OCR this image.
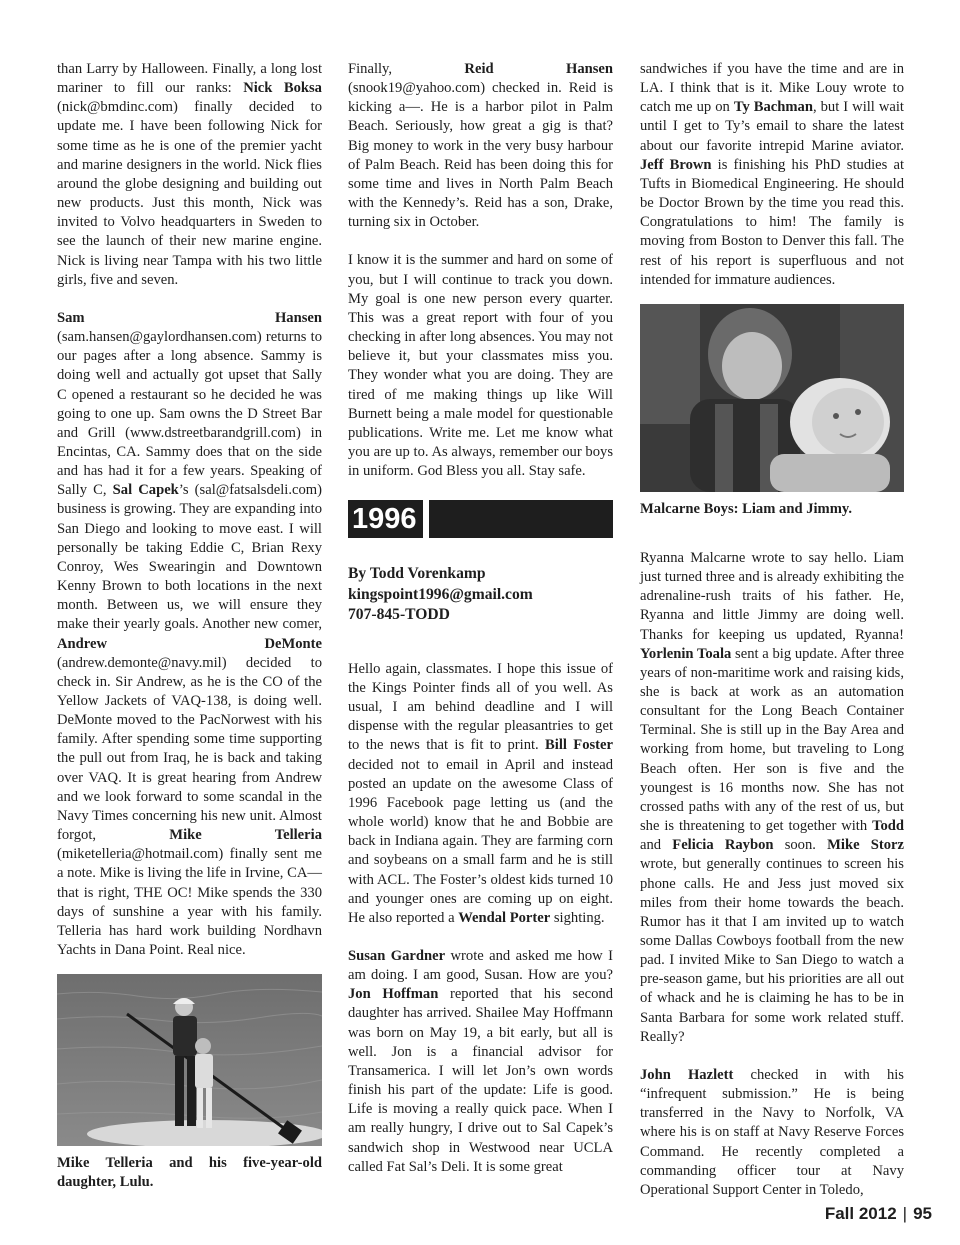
than Larry by Halloween. Finally, a long lost mariner to fill our ranks: Nick Boksa (nick@bmdinc.com) finally decided to update me. I have been following Nick for some time as he is one of the premier yacht and marine designers in the world. Nick flies around the globe designing and building out new products. Just this month, Nick was invited to Volvo headquarters in Sweden to see the launch of their new marine engine. Nick is living near Tampa with his two little girls, five and seven.

Sam Hansen (sam.hansen@gaylordhansen.com) returns to our pages after a long absence. Sammy is doing well and actually got upset that Sally C opened a restaurant so he decided he was going to one up. Sam owns the D Street Bar and Grill (www.dstreetbarandgrill.com) in Encintas, CA. Sammy does that on the side and has had it for a few years. Speaking of Sally C, Sal Capek’s (sal@fatsalsdeli.com) business is growing. They are expanding into San Diego and looking to move east. I will personally be taking Eddie C, Brian Rexy Conroy, Wes Swearingin and Downtown Kenny Brown to both locations in the next month. Between us, we will ensure they make their yearly goals. Another new comer, Andrew DeMonte (andrew.demonte@navy.mil) decided to check in. Sir Andrew, as he is the CO of the Yellow Jackets of VAQ-138, is doing well. DeMonte moved to the PacNorwest with his family. After spending some time supporting the pull out from Iraq, he is back and taking over VAQ. It is great hearing from Andrew and we look forward to some scandal in the Navy Times concerning his new unit. Almost forgot, Mike Telleria (miketelleria@hotmail.com) finally sent me a note. Mike is living the life in Irvine, CA—that is right, THE OC! Mike spends the 330 days of sunshine a year with his family. Telleria has hard work building Nordhavn Yachts in Dana Point. Real nice.

Mike Telleria and his five-year-old daughter, Lulu.

Finally, Reid Hansen (snook19@yahoo.com) checked in. Reid is kicking a—. He is a harbor pilot in Palm Beach. Seriously, how great a gig is that? Big money to work in the very busy harbour of Palm Beach. Reid has been doing this for some time and lives in North Palm Beach with the Kennedy’s. Reid has a son, Drake, turning six in October.

I know it is the summer and hard on some of you, but I will continue to track you down. My goal is one new person every quarter. This was a great report with four of you checking in after long absences. You may not believe it, but your classmates miss you. They wonder what you are doing. They are tired of me making things up like Will Burnett being a male model for questionable publications. Write me. Let me know what you are up to. As always, remember our boys in uniform. God Bless you all. Stay safe.

1996
By Todd Vorenkamp
kingspoint1996@gmail.com
707-845-TODD

Hello again, classmates. I hope this issue of the Kings Pointer finds all of you well. As usual, I am behind deadline and I will dispense with the regular pleasantries to get to the news that is fit to print. Bill Foster decided not to email in April and instead posted an update on the awesome Class of 1996 Facebook page letting us (and the whole world) know that he and Bobbie are back in Indiana again. They are farming corn and soybeans on a small farm and he is still with ACL. The Foster’s oldest kids turned 10 and younger ones are coming up on eight. He also reported a Wendal Porter sighting.

Susan Gardner wrote and asked me how I am doing. I am good, Susan. How are you? Jon Hoffman reported that his second daughter has arrived. Shailee May Hoffmann was born on May 19, a bit early, but all is well. Jon is a financial advisor for Transamerica. I will let Jon’s own words finish his part of the update: Life is good. Life is moving a really quick pace. When I am really hungry, I drive out to Sal Capek’s sandwich shop in Westwood near UCLA called Fat Sal’s Deli. It is some great

sandwiches if you have the time and are in LA. I think that is it. Mike Louy wrote to catch me up on Ty Bachman, but I will wait until I get to Ty’s email to share the latest about our favorite intrepid Marine aviator. Jeff Brown is finishing his PhD studies at Tufts in Biomedical Engineering. He should be Doctor Brown by the time you read this. Congratulations to him! The family is moving from Boston to Denver this fall. The rest of his report is superfluous and not intended for immature audiences.

Malcarne Boys: Liam and Jimmy.

Ryanna Malcarne wrote to say hello. Liam just turned three and is already exhibiting the adrenaline-rush traits of his father. He, Ryanna and little Jimmy are doing well. Thanks for keeping us updated, Ryanna! Yorlenin Toala sent a big update. After three years of non-maritime work and raising kids, she is back at work as an automation consultant for the Long Beach Container Terminal. She is still up in the Bay Area and working from home, but traveling to Long Beach often. Her son is five and the youngest is 16 months now. She has not crossed paths with any of the rest of us, but she is threatening to get together with Todd and Felicia Raybon soon. Mike Storz wrote, but generally continues to screen his phone calls. He and Jess just moved six miles from their home towards the beach. Rumor has it that I am invited up to watch some Dallas Cowboys football from the new pad. I invited Mike to San Diego to watch a pre-season game, but his priorities are all out of whack and he is claiming he has to be in Santa Barbara for some work related stuff. Really?

John Hazlett checked in with his “infrequent submission.” He is being transferred in the Navy to Norfolk, VA where his is on staff at Navy Reserve Forces Command. He recently completed a commanding officer tour at Navy Operational Support Center in Toledo,

Fall 2012 | 95
